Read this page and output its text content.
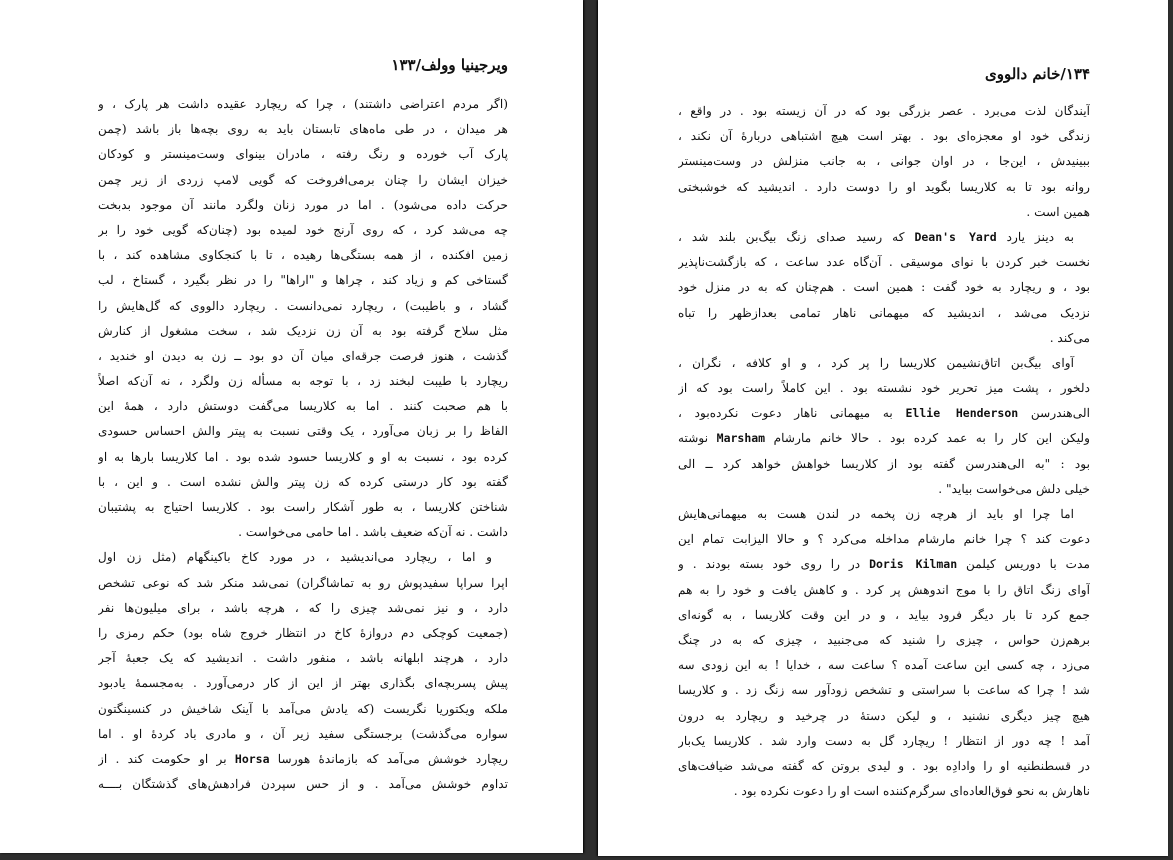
ویرجینیا وولف/۱۳۳
(اگر مردم اعتراضی داشتند) ، چرا که ریچارد عقیده داشت هر پارک ، و
هر میدان ، در طی ماه‌های تابستان باید به روی بچه‌ها باز باشد (چمن
پارک آب خورده و رنگ رفته ، مادران بینوای وست‌مینستر و کودکان
خیزان ایشان را چنان برمی‌افروخت که گویی لامپ زردی از زیر چمن
حرکت داده می‌شود) . اما در مورد زنان ولگرد مانند آن موجود بدبخت
چه می‌شد کرد ، که روی آرنج خود لمیده بود (چنان‌که گویی خود را بر
زمین افکنده ، از همه بستگی‌ها رهیده ، تا با کنجکاوی مشاهده کند ، با
گستاخی کم و زیاد کند ، چراها و "اراها" را در نظر بگیرد ، گستاخ ، لب
گشاد ، و باطیبت) ، ریچارد نمی‌دانست . ریچارد دالووی که گل‌هایش را
مثل سلاح گرفته بود به آن زن نزدیک شد ، سخت مشغول از کنارش
گذشت ، هنوز فرصت جرقه‌ای میان آن دو بود ــ زن به دیدن او خندید ،
ریچارد با طیبت لبخند زد ، با توجه به مسأله زن ولگرد ، نه آن‌که اصلاً
با هم صحبت کنند . اما به کلاریسا می‌گفت دوستش دارد ، همهٔ این
الفاظ را بر زبان می‌آورد ، یک وقتی نسبت به پیتر والش احساس حسودی
کرده بود ، نسبت به او و کلاریسا حسود شده بود . اما کلاریسا بارها به او
گفته بود کار درستی کرده که زن پیتر والش نشده است . و این ، با
شناختن کلاریسا ، به طور آشکار راست بود . کلاریسا احتیاج به پشتیبان
داشت . نه آن‌که ضعیف باشد . اما حامی می‌خواست .
و اما ، ریچارد می‌اندیشید ، در مورد کاخ باکینگهام (مثل زن اول
اپرا سراپا سفیدپوش رو به تماشاگران) نمی‌شد منکر شد که نوعی تشخص
دارد ، و نیز نمی‌شد چیزی را که ، هرچه باشد ، برای میلیون‌ها نفر
(جمعیت کوچکی دم دروازهٔ کاخ در انتظار خروج شاه بود) حکم رمزی را
دارد ، هرچند ابلهانه باشد ، منفور داشت . اندیشید که یک جعبهٔ آجر
پیش پسربچه‌ای بگذاری بهتر از این از کار درمی‌آورد . به‌مجسمهٔ یادبود
ملکه ویکتوریا نگریست (که یادش می‌آمد با آینک شاخیش در کنسینگتون
سواره می‌گذشت) برجستگی سفید زیر آن ، و مادری باد کردهٔ او . اما
ریچارد خوشش می‌آمد که بازماندهٔ هورسا Horsa بر او حکومت کند . از
تداوم خوشش می‌آمد . و از حس سپردن فرادهش‌های گذشتگان بــــه
۱۳۴/خانم دالووی
آیندگان لذت می‌برد . عصر بزرگی بود که در آن زیسته بود . در واقع ،
زندگی خود او معجزه‌ای بود . بهتر است هیچ اشتباهی دربارهٔ آن نکند ،
ببینیدش ، این‌جا ، در اوان جوانی ، به جانب منزلش در وست‌مینستر
روانه بود تا به کلاریسا بگوید او را دوست دارد . اندیشید که خوشبختی
همین است .
به دینز یارد Dean's Yard که رسید صدای زنگ بیگ‌بن بلند شد ،
نخست خبر کردن با نوای موسیقی . آن‌گاه عدد ساعت ، که بازگشت‌ناپذیر
بود ، و ریچارد به خود گفت : همین است . هم‌چنان که به در منزل خود
نزدیک می‌شد ، اندیشید که میهمانی ناهار تمامی بعدازظهر را تباه
می‌کند .
آوای بیگ‌بن اتاق‌نشیمن کلاریسا را پر کرد ، و او کلافه ، نگران ،
دلخور ، پشت میز تحریر خود نشسته بود . این کاملاً راست بود که از
الی‌هندرسن Ellie Henderson به میهمانی ناهار دعوت نکرده‌بود ،
ولیکن این کار را به عمد کرده بود . حالا خانم مارشام Marsham نوشته
بود : "به الی‌هندرسن گفته بود از کلاریسا خواهش خواهد کرد ــ الی
خیلی دلش می‌خواست بیاید" .
اما چرا او باید از هرچه زن پخمه در لندن هست به میهمانی‌هایش
دعوت کند ؟ چرا خانم مارشام مداخله می‌کرد ؟ و حالا الیزابت تمام این
مدت با دوریس کیلمن Doris Kilman در را روی خود بسته بودند . و
آوای زنگ اتاق را با موج اندوهش پر کرد . و کاهش یافت و خود را به هم
جمع کرد تا بار دیگر فرود بیاید ، و در این وقت کلاریسا ، به گونه‌ای
برهم‌زن حواس ، چیزی را شنید که می‌جنبید ، چیزی که به در چنگ
می‌زد ، چه کسی این ساعت آمده ؟ ساعت سه ، خدایا ! به این زودی سه
شد ! چرا که ساعت با سراستی و تشخص زودآور سه زنگ زد . و کلاریسا
هیچ چیز دیگری نشنید ، و لیکن دستهٔ در چرخید و ریچارد به درون
آمد ! چه دور از انتظار ! ریچارد گل به دست وارد شد . کلاریسا یک‌بار
در قسطنطنیه او را وادادِه بود . و لیدی بروتن که گفته می‌شد ضیافت‌های
ناهارش به نحو فوق‌العاده‌ای سرگرم‌کننده است او را دعوت نکرده بود .
